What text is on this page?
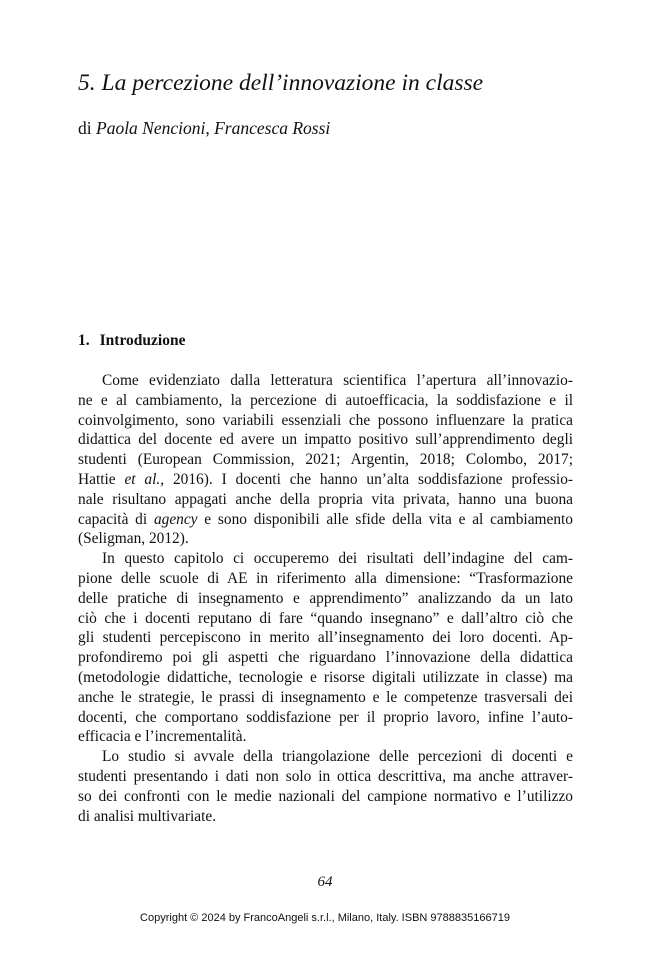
5. La percezione dell’innovazione in classe
di Paola Nencioni, Francesca Rossi
1. Introduzione
Come evidenziato dalla letteratura scientifica l’apertura all’innovazio-
ne e al cambiamento, la percezione di autoefficacia, la soddisfazione e il
coinvolgimento, sono variabili essenziali che possono influenzare la pratica
didattica del docente ed avere un impatto positivo sull’apprendimento degli
studenti (European Commission, 2021; Argentin, 2018; Colombo, 2017;
Hattie et al., 2016). I docenti che hanno un’alta soddisfazione professio-
nale risultano appagati anche della propria vita privata, hanno una buona
capacità di agency e sono disponibili alle sfide della vita e al cambiamento
(Seligman, 2012).
In questo capitolo ci occuperemo dei risultati dell’indagine del cam-
pione delle scuole di AE in riferimento alla dimensione: “Trasformazione
delle pratiche di insegnamento e apprendimento” analizzando da un lato
ciò che i docenti reputano di fare “quando insegnano” e dall’altro ciò che
gli studenti percepiscono in merito all’insegnamento dei loro docenti. Ap-
profondiremo poi gli aspetti che riguardano l’innovazione della didattica
(metodologie didattiche, tecnologie e risorse digitali utilizzate in classe) ma
anche le strategie, le prassi di insegnamento e le competenze trasversali dei
docenti, che comportano soddisfazione per il proprio lavoro, infine l’auto-
efficacia e l’incrementalità.
Lo studio si avvale della triangolazione delle percezioni di docenti e
studenti presentando i dati non solo in ottica descrittiva, ma anche attraver-
so dei confronti con le medie nazionali del campione normativo e l’utilizzo
di analisi multivariate.
64
Copyright © 2024 by FrancoAngeli s.r.l., Milano, Italy. ISBN 9788835166719
